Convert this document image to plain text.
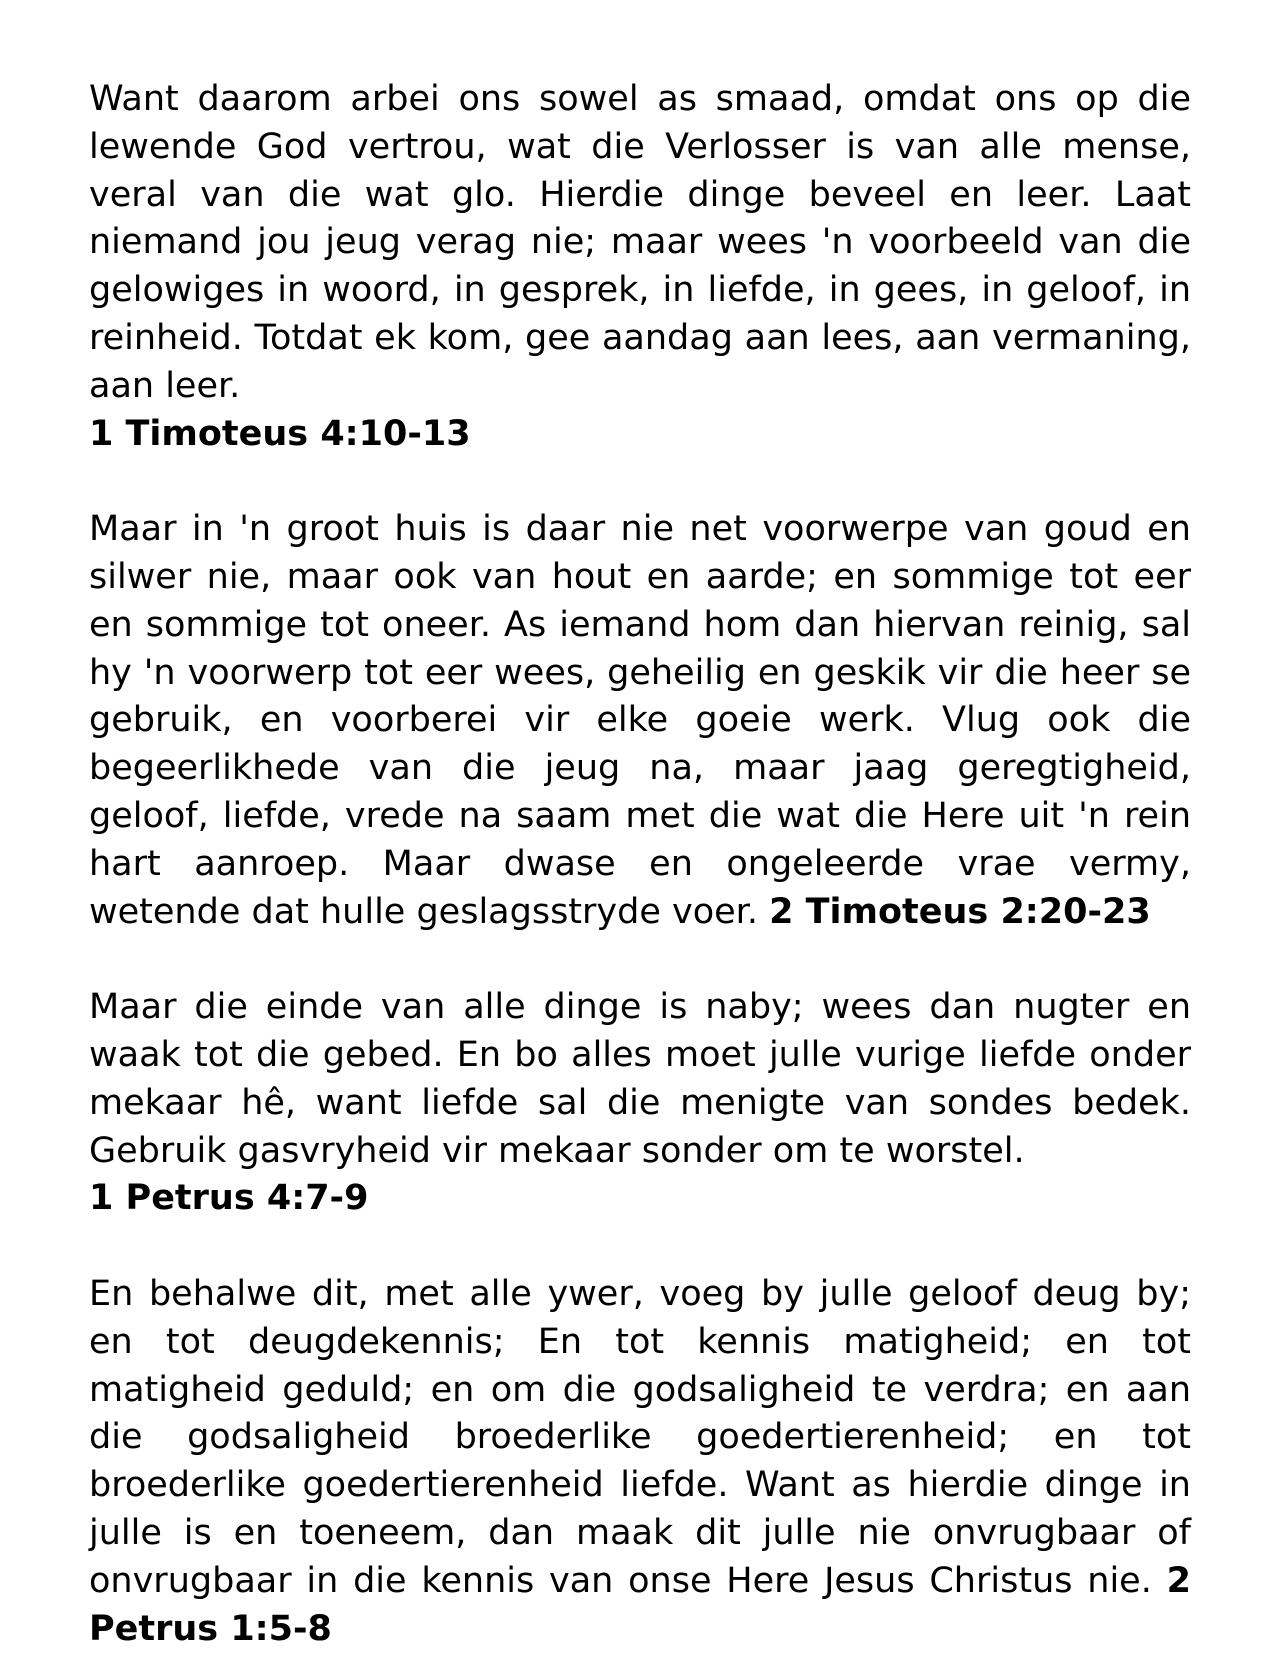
Want daarom arbei ons sowel as smaad, omdat ons op die lewende God vertrou, wat die Verlosser is van alle mense, veral van die wat glo. Hierdie dinge beveel en leer. Laat niemand jou jeug verag nie; maar wees 'n voorbeeld van die gelowiges in woord, in gesprek, in liefde, in gees, in geloof, in reinheid. Totdat ek kom, gee aandag aan lees, aan vermaning, aan leer.
1 Timoteus 4:10-13

Maar in 'n groot huis is daar nie net voorwerpe van goud en silwer nie, maar ook van hout en aarde; en sommige tot eer en sommige tot oneer. As iemand hom dan hiervan reinig, sal hy 'n voorwerp tot eer wees, geheilig en geskik vir die heer se gebruik, en voorberei vir elke goeie werk. Vlug ook die begeerlikhede van die jeug na, maar jaag geregtigheid, geloof, liefde, vrede na saam met die wat die Here uit 'n rein hart aanroep. Maar dwase en ongeleerde vrae vermy, wetende dat hulle geslagsstryde voer. 2 Timoteus 2:20-23

Maar die einde van alle dinge is naby; wees dan nugter en waak tot die gebed. En bo alles moet julle vurige liefde onder mekaar hê, want liefde sal die menigte van sondes bedek. Gebruik gasvryheid vir mekaar sonder om te worstel.
1 Petrus 4:7-9

En behalwe dit, met alle ywer, voeg by julle geloof deug by; en tot deugdekennis; En tot kennis matigheid; en tot matigheid geduld; en om die godsaligheid te verdra; en aan die godsaligheid broederlike goedertierenheid; en tot broederlike goedertierenheid liefde. Want as hierdie dinge in julle is en toeneem, dan maak dit julle nie onvrugbaar of onvrugbaar in die kennis van onse Here Jesus Christus nie. 2 Petrus 1:5-8
